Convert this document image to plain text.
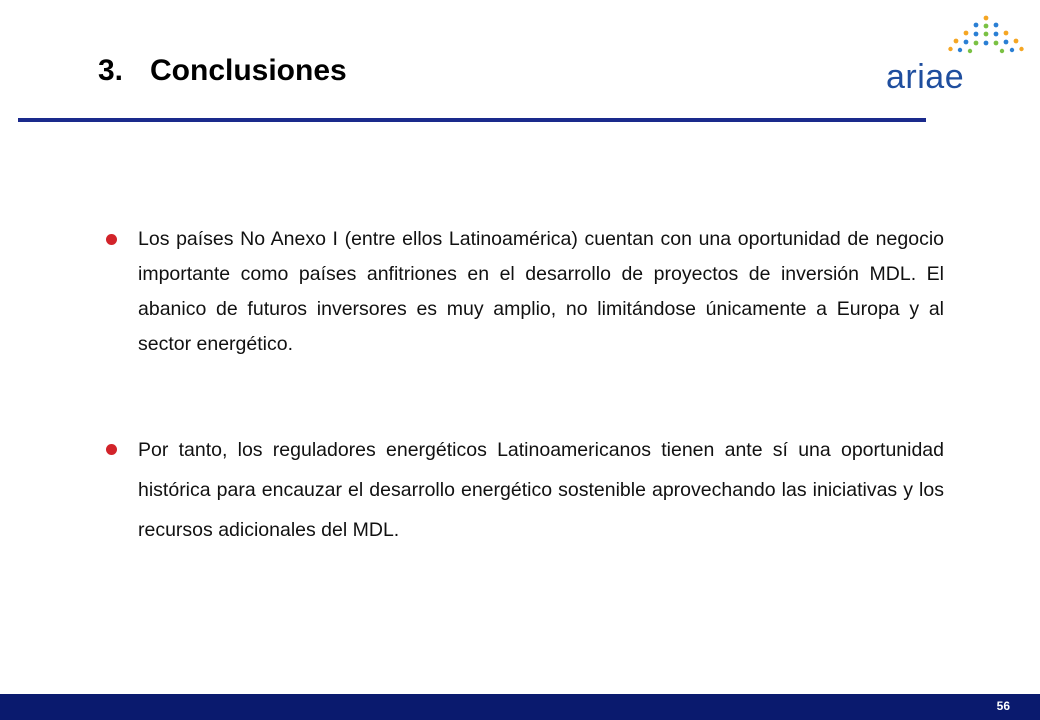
3. Conclusiones	ariae
Los países No Anexo I (entre ellos Latinoamérica) cuentan con una oportunidad de negocio importante como países anfitriones en el desarrollo de proyectos de inversión MDL. El abanico de futuros inversores es muy amplio, no limitándose únicamente a Europa y al sector energético.
Por tanto, los reguladores energéticos Latinoamericanos tienen ante sí una oportunidad histórica para encauzar el desarrollo energético sostenible aprovechando las iniciativas y los recursos adicionales del MDL.
56
